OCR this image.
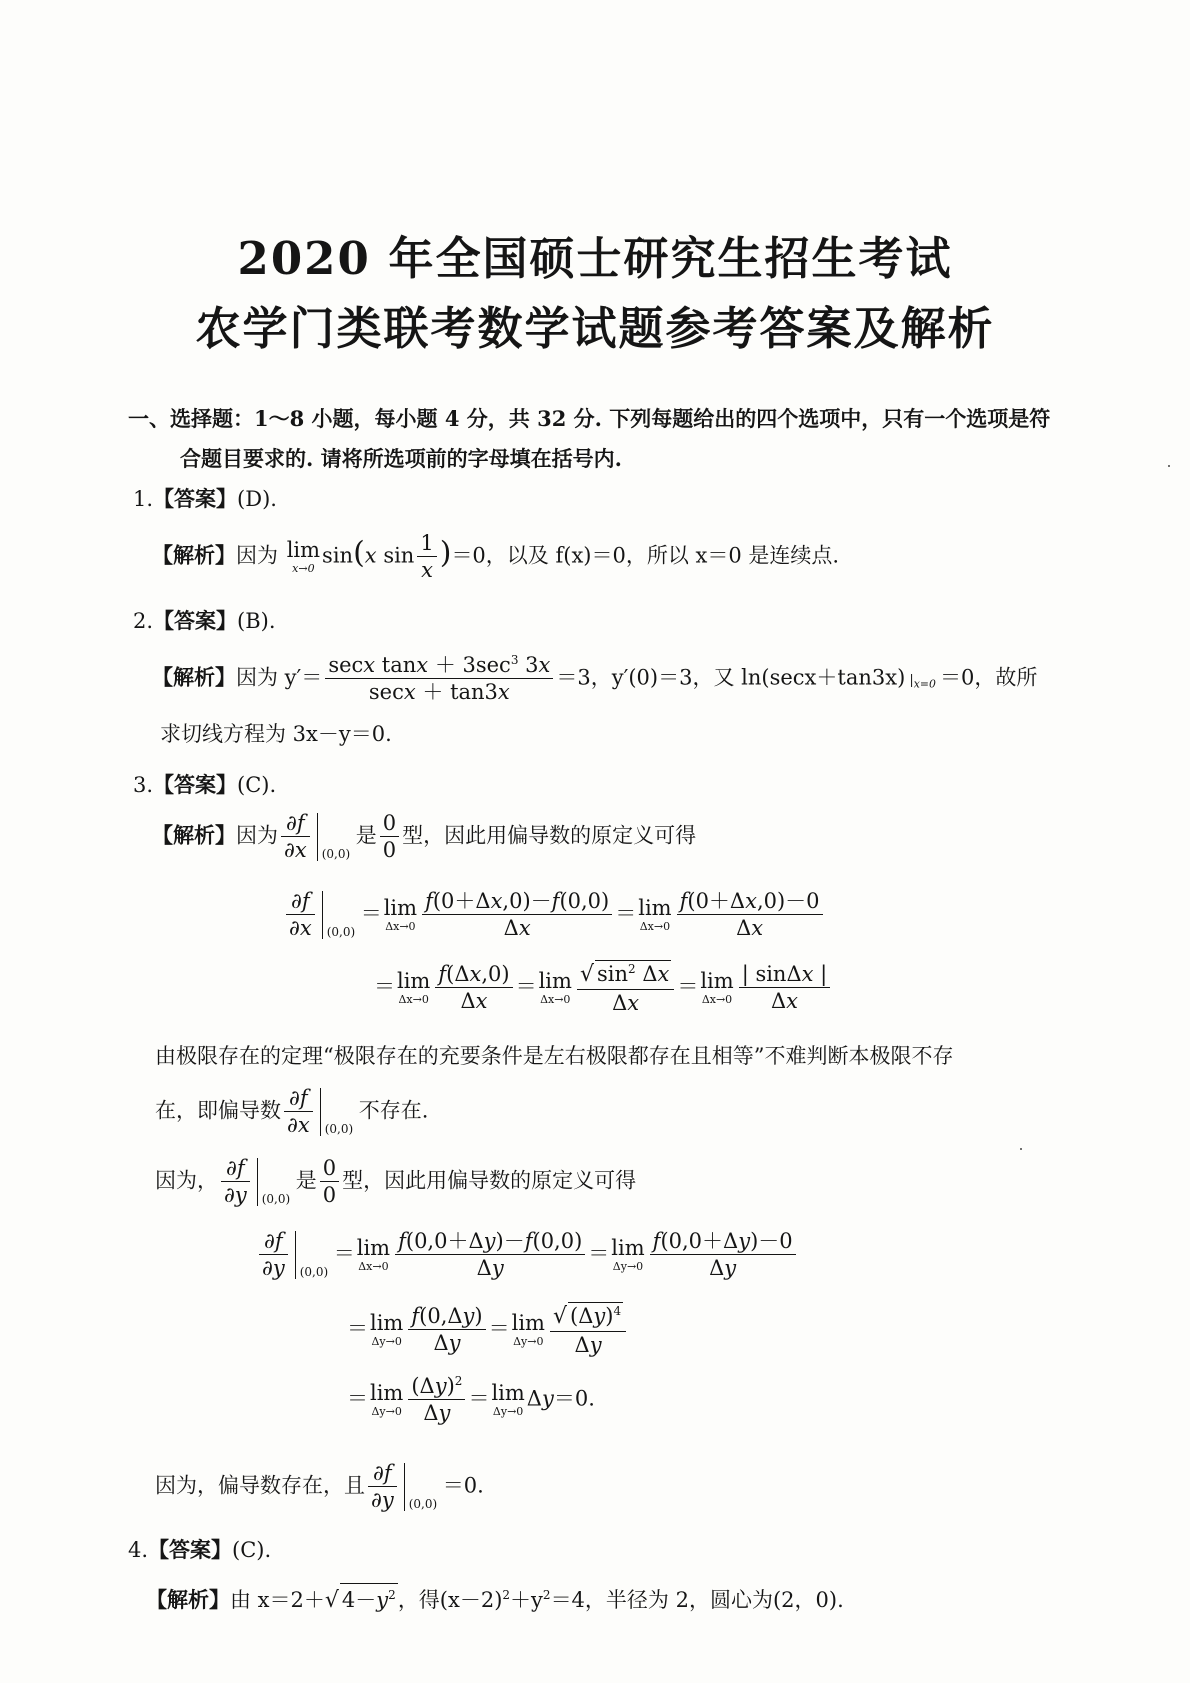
2020 年全国硕士研究生招生考试
农学门类联考数学试题参考答案及解析
一、选择题：1～8 小题，每小题 4 分，共 32 分. 下列每题给出的四个选项中，只有一个选项是符
合题目要求的. 请将所选项前的字母填在括号内.
1.【答案】(D).
【解析】因为 lim
x→0
sin(x $\sin \frac{1}{x} )=0$，以及 f(x)＝0，所以 x＝0 是连续点.
2.【答案】(B).
【解析】因为 $y'= \frac{\sec x \tan x + 3\sec^3 3x}{\sec x + \tan 3x} =3$，y′(0)＝3，又 ln(secx＋tan3x) $|_{x=0} =0$，故所
求切线方程为 3x－y＝0.
3.【答案】(C).
【解析】因为 $\frac{\partial f}{\partial x} (0,0)$
是 $\frac{0}{0}$ 型，因此用偏导数的原定义可得
$\frac{\partial f}{\partial x} (0,0)$
＝ lim
$\Delta x\to 0 \frac{f(0+\Delta x,0)-f(0,0)}{\Delta x} = \lim$
$\Delta x\to 0 \frac{f(0+\Delta x,0)-0}{\Delta x}$
＝ lim
$\Delta x\to 0 \frac{f(\Delta x,0)}{\Delta x} = \lim$
$\Delta x\to 0 \frac{√ \sin^2 \Delta x}{\Delta x} = \lim$
$\Delta x\to 0 \frac{| \sin\Delta x |}{\Delta x}$
由极限存在的定理“极限存在的充要条件是左右极限都存在且相等”不难判断本极限不存
在，即偏导数 $\frac{\partial f}{\partial x} (0,0)$
不存在.
因为， $\frac{\partial f}{\partial y} (0,0)$
是 $\frac{0}{0}$ 型，因此用偏导数的原定义可得
$\frac{\partial f}{\partial y} (0,0)$
＝ lim
$\Delta x\to 0 \frac{f(0,0+\Delta y)-f(0,0)}{\Delta y} = \lim$
$\Delta y\to 0 \frac{f(0,0+\Delta y)-0}{\Delta y}$
＝ lim
$\Delta y\to 0 \frac{f(0,\Delta y)}{\Delta y} = \lim$
$\Delta y\to 0 \frac{√ (\Delta y)^4}{\Delta y}$
＝ lim
$\Delta y\to 0 \frac{(\Delta y)^2}{\Delta y} = \lim$
Δy→0
Δy＝0.
因为，偏导数存在，且 $\frac{\partial f}{\partial y} (0,0)$
＝0.
4.【答案】(C).
【解析】由 x＝2＋√ $4-y^2$，得$(x-2)^2+y^2=4$，半径为 2，圆心为(2，0).
